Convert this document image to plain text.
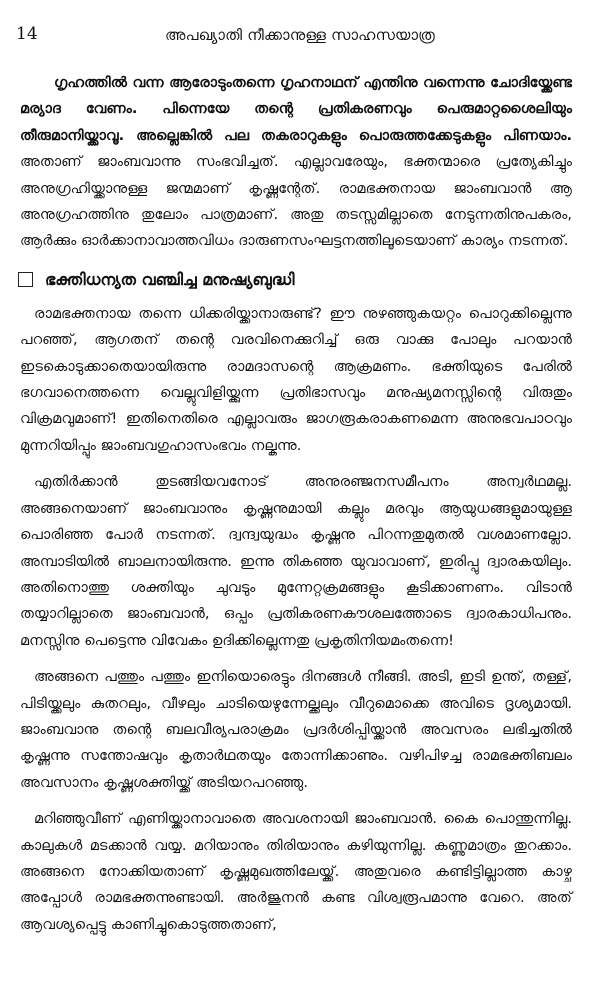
14	അപഖ്യാതി നീക്കാനുള്ള സാഹസയാത്ര

ഗൃഹത്തിൽ വന്ന ആരോടുംതന്നെ ഗൃഹനാഥന് എന്തിനു വന്നെന്നു ചോദിയ്ക്കേണ്ട മര്യാദ വേണം. പിന്നെയേ തന്റെ പ്രതികരണവും പെരുമാറ്റശൈലിയും തീരുമാനിയ്ക്കാവൂ. അല്ലെങ്കിൽ പല തകരാറുകളും പൊരുത്തക്കേടുകളും പിണയാം. അതാണ് ജാംബവാന്നു സംഭവിച്ചത്. എല്ലാവരേയും, ഭക്തന്മാരെ പ്രത്യേകിച്ചും അനുഗ്രഹിയ്ക്കാനുള്ള ജന്മമാണ് കൃഷ്ണന്റേത്. രാമഭക്തനായ ജാംബവാൻ ആ അനുഗ്രഹത്തിനു തുലോം പാത്രമാണ്. അതു തടസ്സമില്ലാതെ നേടുന്നതിനുപകരം, ആർക്കും ഓർക്കാനാവാത്തവിധം ദാരുണസംഘട്ടനത്തിലൂടെയാണ് കാര്യം നടന്നത്.

ഭക്തിധന്യത വഞ്ചിച്ച മനുഷ്യബുദ്ധി

രാമഭക്തനായ തന്നെ ധിക്കരിയ്ക്കാനാരുണ്ട്? ഈ നുഴഞ്ഞുകയറ്റം പൊറുക്കില്ലെന്നു പറഞ്ഞ്, ആഗതന് തന്റെ വരവിനെക്കുറിച്ച് ഒരു വാക്കു പോലും പറയാൻ ഇടകൊടുക്കാതെയായിരുന്നു രാമദാസന്റെ ആക്രമണം. ഭക്തിയുടെ പേരിൽ ഭഗവാനെത്തന്നെ വെല്ലുവിളിയ്ക്കുന്ന പ്രതിഭാസവും മനുഷ്യമനസ്സിന്റെ വിരുതും വിക്രമവുമാണ്! ഇതിനെതിരെ എല്ലാവരും ജാഗരൂകരാകണമെന്ന അനുഭവപാഠവും മുന്നറിയിപ്പും ജാംബവഗുഹാസംഭവം നല്കുന്നു.

എതിർക്കാൻ തുടങ്ങിയവനോട് അനുരഞ്ജനസമീപനം അന്വർഥമല്ല. അങ്ങനെയാണ് ജാംബവാനും കൃഷ്ണനുമായി കല്ലും മരവും ആയുധങ്ങളുമായുള്ള പൊരിഞ്ഞ പോർ നടന്നത്. ദ്വന്ദ്വയുദ്ധം കൃഷ്ണനു പിറന്നതുമുതൽ വശമാണല്ലോ. അമ്പാടിയിൽ ബാലനായിരുന്നു. ഇന്നു തികഞ്ഞ യുവാവാണ്, ഇരിപ്പു ദ്വാരകയിലും. അതിനൊത്തു ശക്തിയും ചുവടും മുന്നേറ്റക്രമങ്ങളും കൂടിക്കാണണം. വിടാൻ തയ്യാറില്ലാതെ ജാംബവാൻ, ഒപ്പം പ്രതികരണകൗശലത്തോടെ ദ്വാരകാധിപനും. മനസ്സിനു പെട്ടെന്നു വിവേകം ഉദിക്കില്ലെന്നതു പ്രകൃതിനിയമംതന്നെ!

അങ്ങനെ പത്തും പത്തും ഇനിയൊരെട്ടും ദിനങ്ങൾ നീങ്ങി. അടി, ഇടി ഉന്ത്, തള്ള്, പിടിയ്ക്കലും കുതറലും, വീഴലും ചാടിയെഴുന്നേല്ക്കലും വീറുമൊക്കെ അവിടെ ദൃശ്യമായി. ജാംബവാനു തന്റെ ബലവീര്യപരാക്രമം പ്രദർശിപ്പിയ്ക്കാൻ അവസരം ലഭിച്ചതിൽ കൃഷ്ണന്നു സന്തോഷവും കൃതാർഥതയും തോന്നിക്കാണും. വഴിപിഴച്ച രാമഭക്തിബലം അവസാനം കൃഷ്ണശക്തിയ്ക്ക് അടിയറപറഞ്ഞു.

മറിഞ്ഞുവീണ് എണിയ്ക്കാനാവാതെ അവശനായി ജാംബവാൻ. കൈ പൊന്തുന്നില്ല. കാലുകൾ മടക്കാൻ വയ്യ. മറിയാനും തിരിയാനും കഴിയുന്നില്ല. കണ്ണുമാത്രം തുറക്കാം. അങ്ങനെ നോക്കിയതാണ് കൃഷ്ണമുഖത്തിലേയ്ക്ക്. അതുവരെ കണ്ടിട്ടില്ലാത്ത കാഴ്ച അപ്പോൾ രാമഭക്തന്നുണ്ടായി. അർജുനൻ കണ്ട വിശ്വരൂപമാന്നു വേറെ. അത് ആവശ്യപ്പെട്ടു കാണിച്ചുകൊടുത്തതാണ്,
